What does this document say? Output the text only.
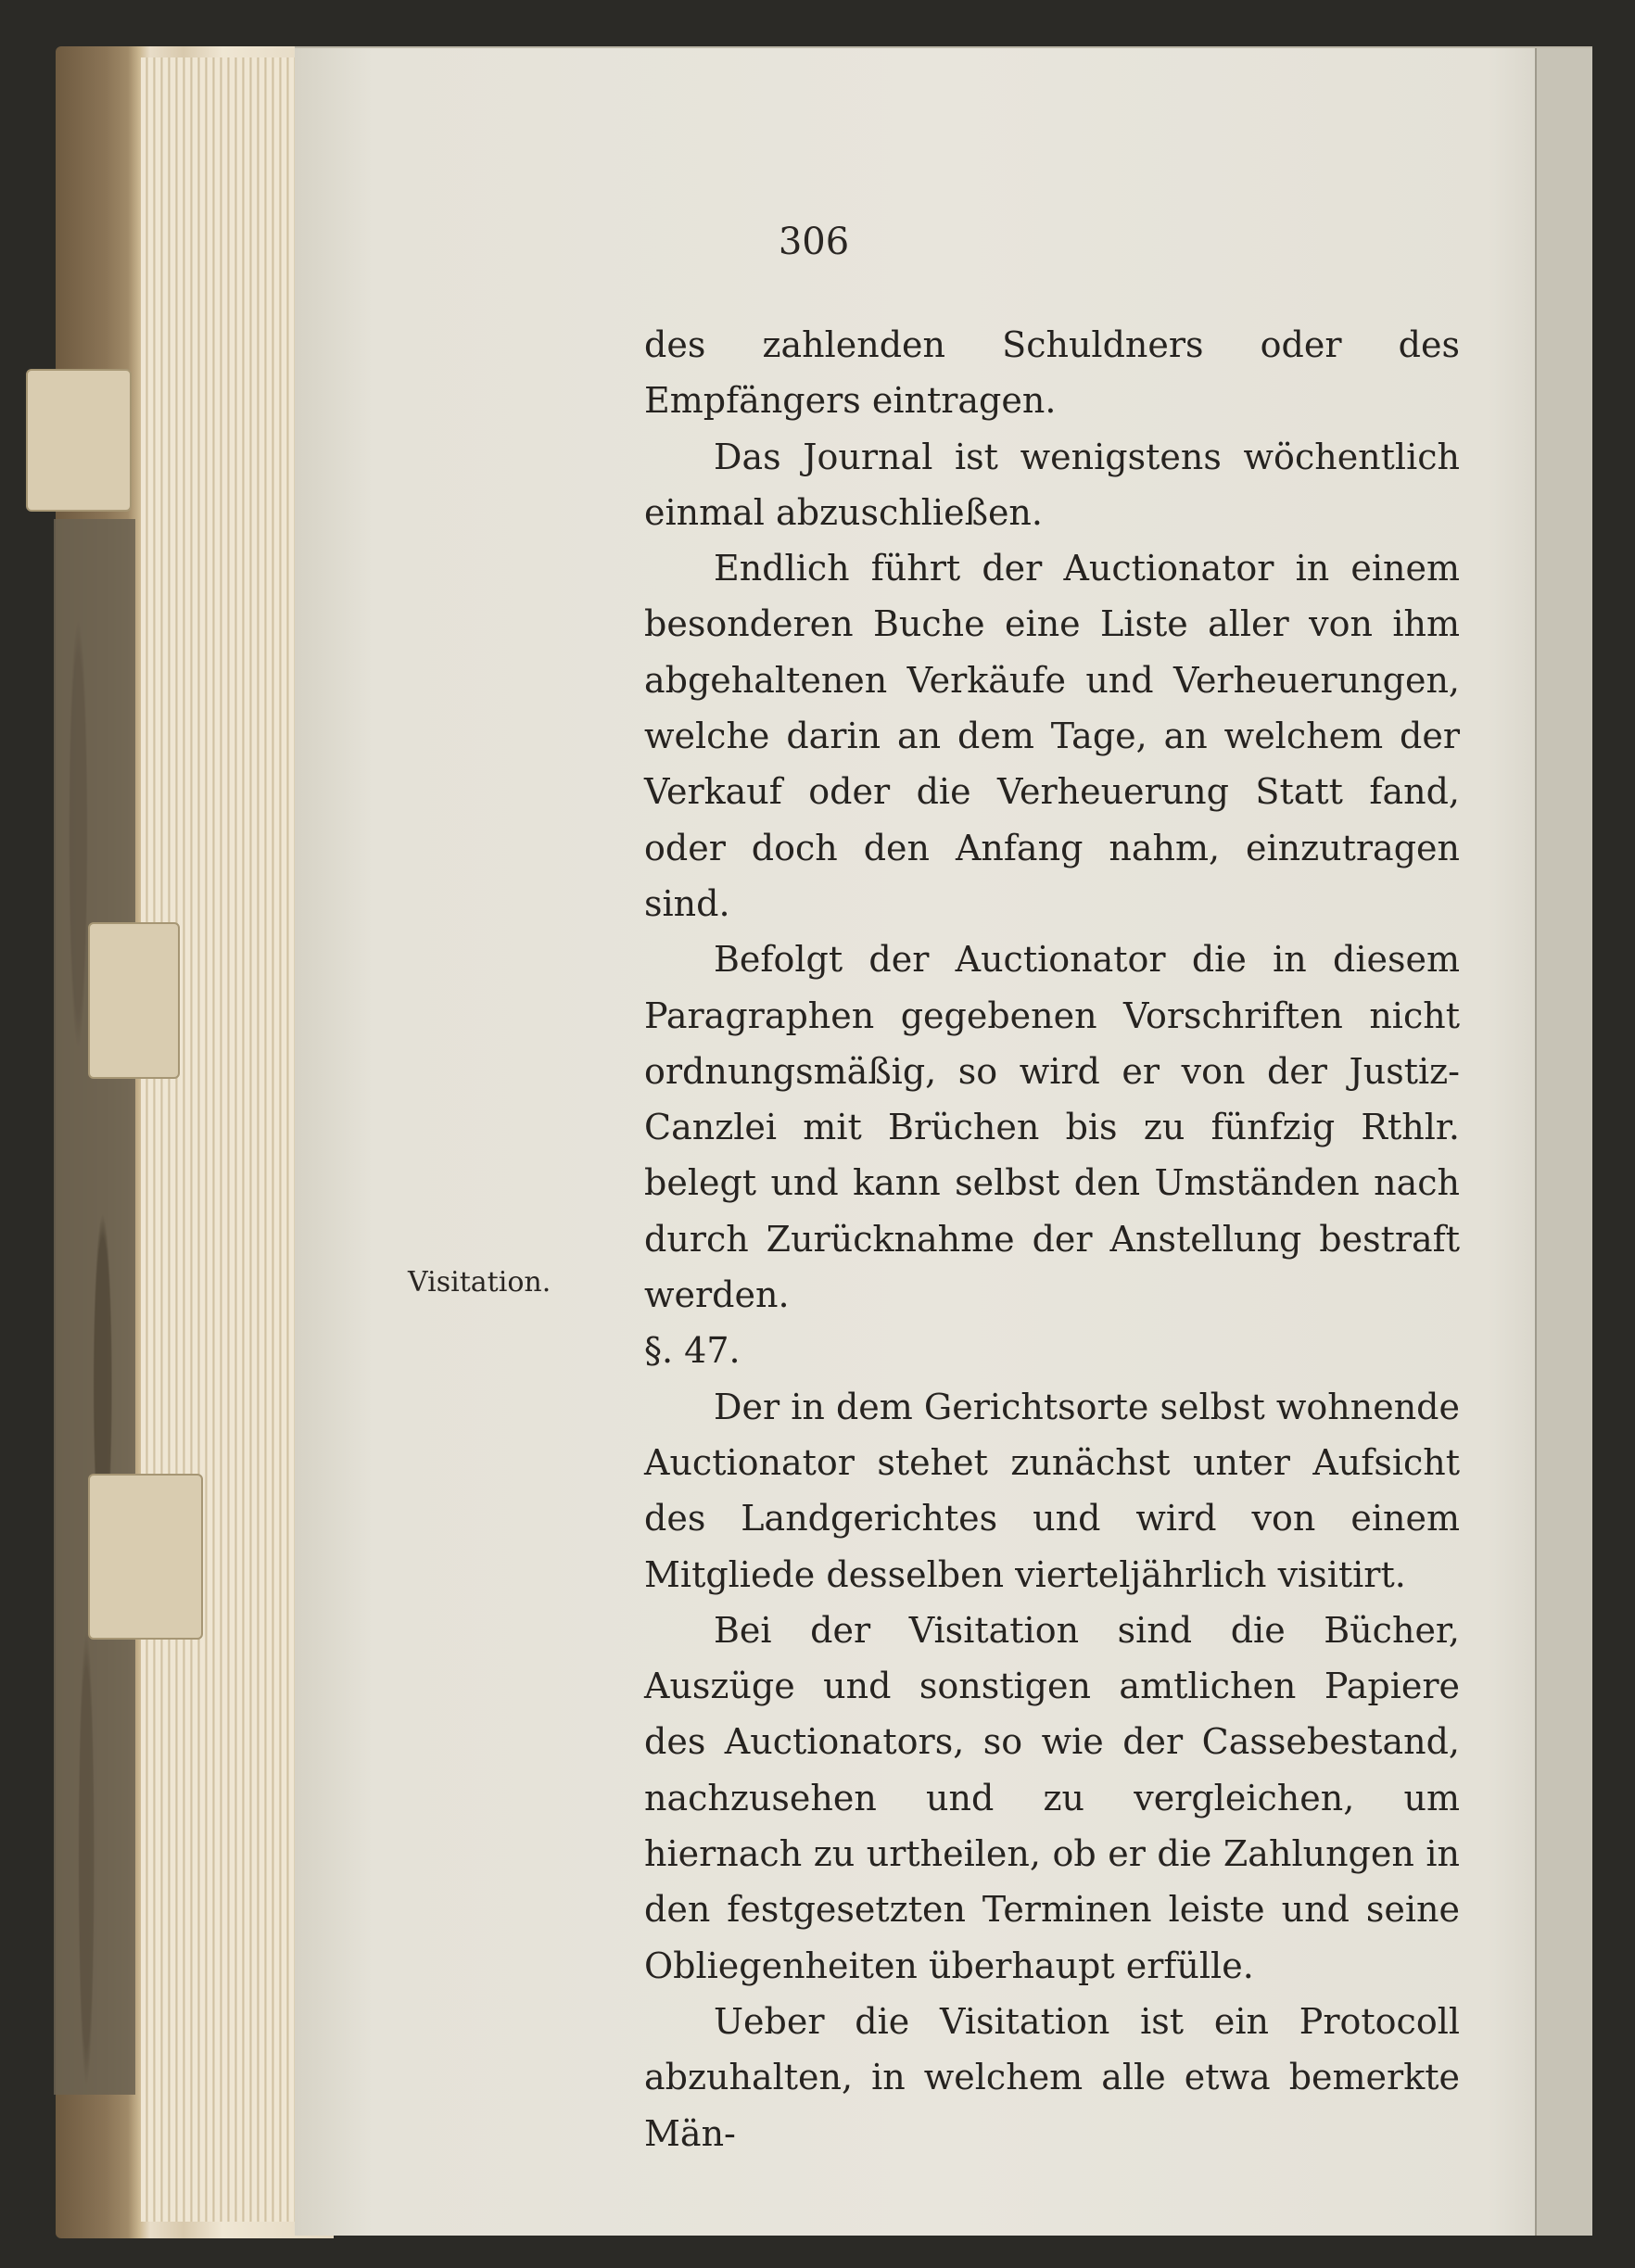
306

Visitation.

des zahlenden Schuldners oder des Empfängers eintragen.

Das Journal ist wenigstens wöchentlich einmal abzuschließen.

Endlich führt der Auctionator in einem besonderen Buche eine Liste aller von ihm abgehaltenen Verkäufe und Verheuerungen, welche darin an dem Tage, an welchem der Verkauf oder die Verheuerung Statt fand, oder doch den Anfang nahm, einzutragen sind.

Befolgt der Auctionator die in diesem Paragraphen gegebenen Vorschriften nicht ordnungsmäßig, so wird er von der Justiz-Canzlei mit Brüchen bis zu fünfzig Rthlr. belegt und kann selbst den Umständen nach durch Zurücknahme der Anstellung bestraft werden.

§. 47.

Der in dem Gerichtsorte selbst wohnende Auctionator stehet zunächst unter Aufsicht des Landgerichtes und wird von einem Mitgliede desselben vierteljährlich visitirt.

Bei der Visitation sind die Bücher, Auszüge und sonstigen amtlichen Papiere des Auctionators, so wie der Cassebestand, nachzusehen und zu vergleichen, um hiernach zu urtheilen, ob er die Zahlungen in den festgesetzten Terminen leiste und seine Obliegenheiten überhaupt erfülle.

Ueber die Visitation ist ein Protocoll abzuhalten, in welchem alle etwa bemerkte Män-
